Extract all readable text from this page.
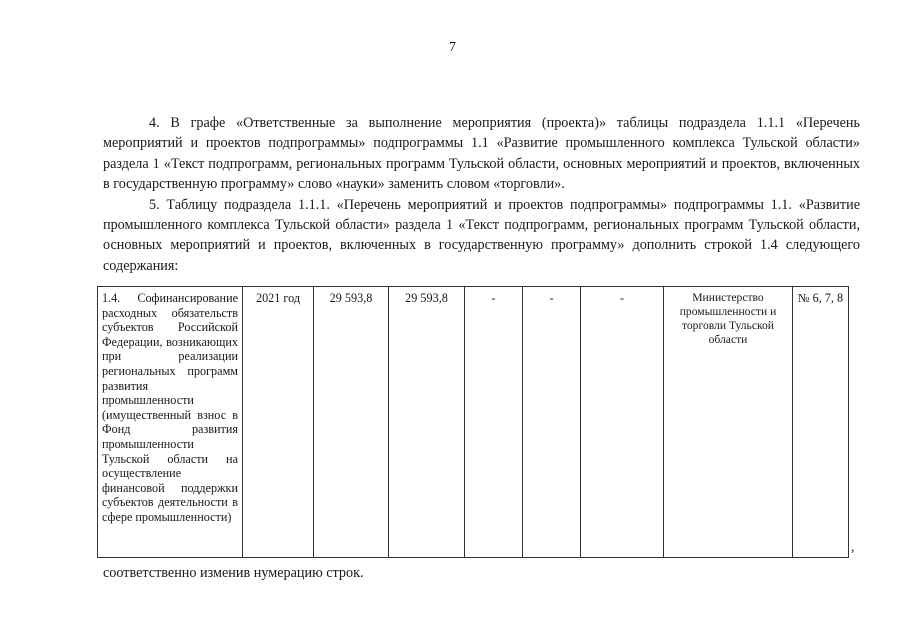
7

4. В графе «Ответственные за выполнение мероприятия (проекта)» таблицы подраздела 1.1.1 «Перечень мероприятий и проектов подпрограммы» подпрограммы 1.1 «Развитие промышленного комплекса Тульской области» раздела 1 «Текст подпрограмм, региональных программ Тульской области, основных мероприятий и проектов, включенных в государственную программу» слово «науки» заменить словом «торговли».

5. Таблицу подраздела 1.1.1. «Перечень мероприятий и проектов подпрограммы» подпрограммы 1.1. «Развитие промышленного комплекса Тульской области» раздела 1 «Текст подпрограмм, региональных программ Тульской области, основных мероприятий и проектов, включенных в государственную программу» дополнить строкой 1.4 следующего содержания:

1.4. Софинансирование расходных обязательств субъектов Российской Федерации, возникающих при реализации региональных программ развития промышленности (имущественный взнос в Фонд развития промышленности Тульской области на осуществление финансовой поддержки субъектов деятельности в сфере промышленности)	2021 год	29 593,8	29 593,8	-	-	-	Министерство промышленности и торговли Тульской области	№ 6, 7, 8
,
соответственно изменив нумерацию строк.
